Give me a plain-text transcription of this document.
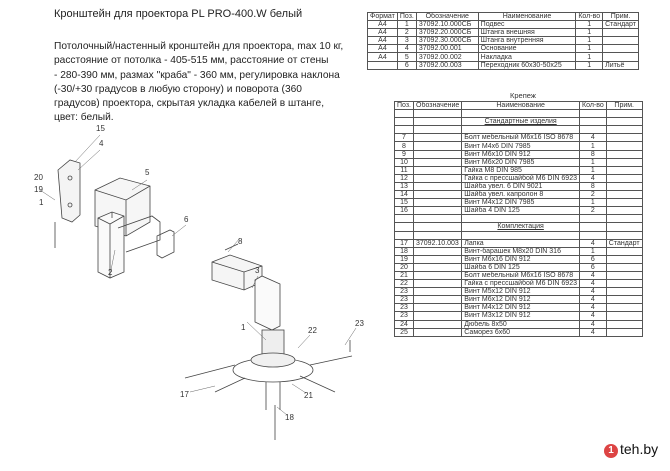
Кронштейн для проектора PL PRO-400.W белый
Потолочный/настенный кронштейн для проектора, max 10 кг,
расстояние от потолка - 405-515 мм, расстояние от стены
- 280-390 мм, размах "краба" - 360 мм, регулировка наклона
(-30/+30 градусов в любую сторону) и поворота (360
градусов) проектора, скрытая укладка кабелей в штанге,
цвет: белый.
15
4
20
19
5
6
1
2
8
3
23
22
1
17	21
18
Формат	Поз.	Обозначение	Наименование	Кол-во	Прим.
A4	1	37092.10.000СБ	Подвес	1	Стандарт
A4	2	37092.20.000СБ	Штанга внешняя	1	
A4	3	37092.30.000СБ	Штанга внутренняя	1	
A4	4	37092.00.001	Основание	1	
A4	5	37092.00.002	Накладка	1	
	6	37092.00.003	Переходник 60х30-50х25	1	Литьё
Крепеж
Поз.	Обозначение	Наименование	Кол-во	Прим.

		Стандартные изделия		

7		Болт мебельный М6х16 ISO 8678	4	
8		Винт М4х6 DIN 7985	1	
9		Винт М6х10 DIN 912	8	
10		Винт М6х20 DIN 7985	1	
11		Гайка М8 DIN 985	1	
12		Гайка с прессшайбой М6 DIN 6923	4	
13		Шайба увел. 6 DIN 9021	8	
14		Шайба увел. капролон 8	2	
15		Винт М4х12 DIN 7985	1	
16		Шайба 4 DIN 125	2	

		Комплектация		

17	37092.10.003	Лапка	4	Стандарт
18		Винт-барашек М8х20 DIN 316	1	
19		Винт М6х16 DIN 912	6	
20		Шайба 6 DIN 125	6	
21		Болт мебельный М6х16 ISO 8678	4	
22		Гайка с прессшайбой М6 DIN 6923	4	
23		Винт М5х12 DIN 912	4	
23		Винт М6х12 DIN 912	4	
23		Винт М4х12 DIN 912	4	
23		Винт М3х12 DIN 912	4	
24		Дюбель 8х50	4	
25		Саморез 6х60	4	
1 teh.by
